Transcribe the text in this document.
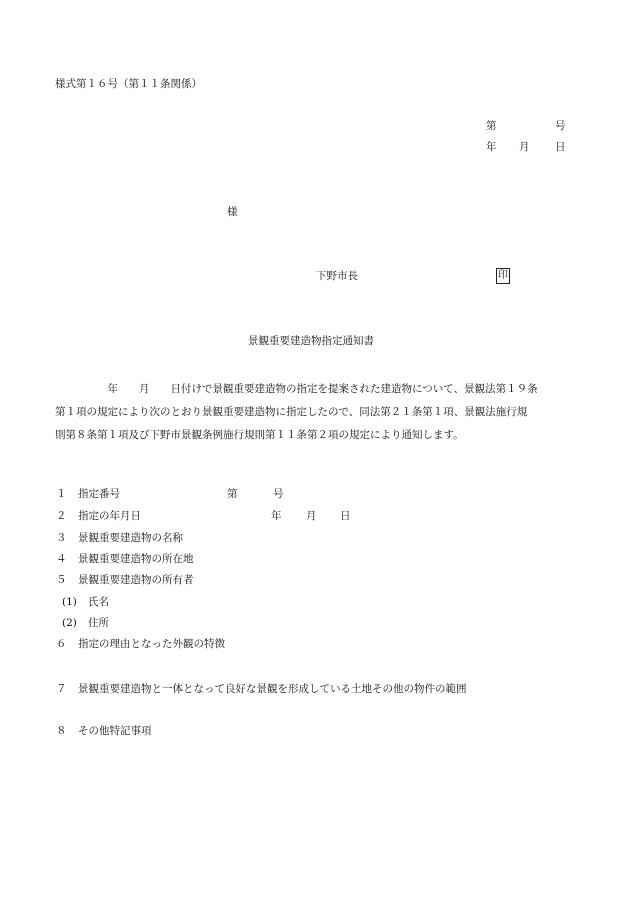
様式第１６号（第１１条関係）
第	号
年 月 日
様
下野市長	印
景観重要建造物指定通知書

　　　　　年　　月　　日付けで景観重要建造物の指定を提案された建造物について、景観法第１９条

第１項の規定により次のとおり景観重要建造物に指定したので、同法第２１条第１項、景観法施行規

則第８条第１項及び下野市景観条例施行規則第１１条第２項の規定により通知します。

１ 指定番号	第	号
２ 指定の年月日	年 月 日
３ 景観重要建造物の名称
４ 景観重要建造物の所在地
５ 景観重要建造物の所有者
(1) 氏名
(2) 住所
６ 指定の理由となった外観の特徴
７ 景観重要建造物と一体となって良好な景観を形成している土地その他の物件の範囲
８ その他特記事項
